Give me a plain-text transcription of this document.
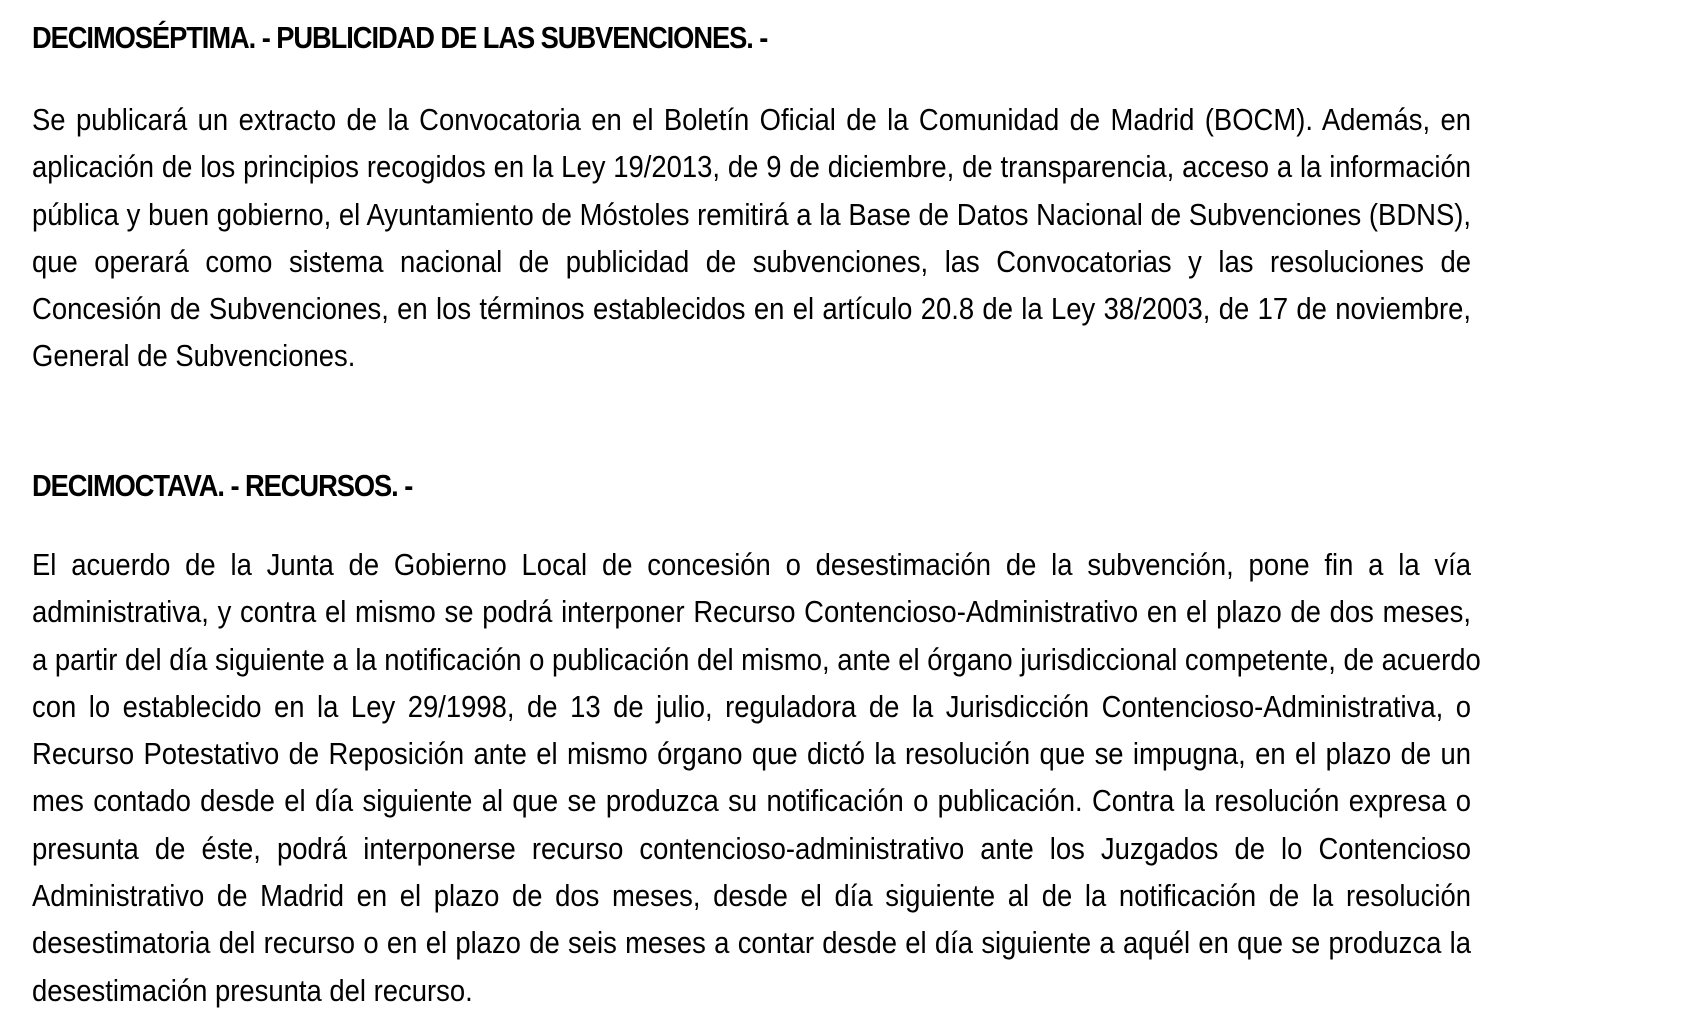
DECIMOSÉPTIMA. - PUBLICIDAD DE LAS SUBVENCIONES. -
Se publicará un extracto de la Convocatoria en el Boletín Oficial de la Comunidad de Madrid (BOCM). Además, en
aplicación de los principios recogidos en la Ley 19/2013, de 9 de diciembre, de transparencia, acceso a la información
pública y buen gobierno, el Ayuntamiento de Móstoles remitirá a la Base de Datos Nacional de Subvenciones (BDNS),
que operará como sistema nacional de publicidad de subvenciones, las Convocatorias y las resoluciones de
Concesión de Subvenciones, en los términos establecidos en el artículo 20.8 de la Ley 38/2003, de 17 de noviembre,
General de Subvenciones.
DECIMOCTAVA. - RECURSOS. -
El acuerdo de la Junta de Gobierno Local de concesión o desestimación de la subvención, pone fin a la vía
administrativa, y contra el mismo se podrá interponer Recurso Contencioso-Administrativo en el plazo de dos meses,
a partir del día siguiente a la notificación o publicación del mismo, ante el órgano jurisdiccional competente, de acuerdo
con lo establecido en la Ley 29/1998, de 13 de julio, reguladora de la Jurisdicción Contencioso-Administrativa, o
Recurso Potestativo de Reposición ante el mismo órgano que dictó la resolución que se impugna, en el plazo de un
mes contado desde el día siguiente al que se produzca su notificación o publicación. Contra la resolución expresa o
presunta de éste, podrá interponerse recurso contencioso-administrativo ante los Juzgados de lo Contencioso
Administrativo de Madrid en el plazo de dos meses, desde el día siguiente al de la notificación de la resolución
desestimatoria del recurso o en el plazo de seis meses a contar desde el día siguiente a aquél en que se produzca la
desestimación presunta del recurso.
